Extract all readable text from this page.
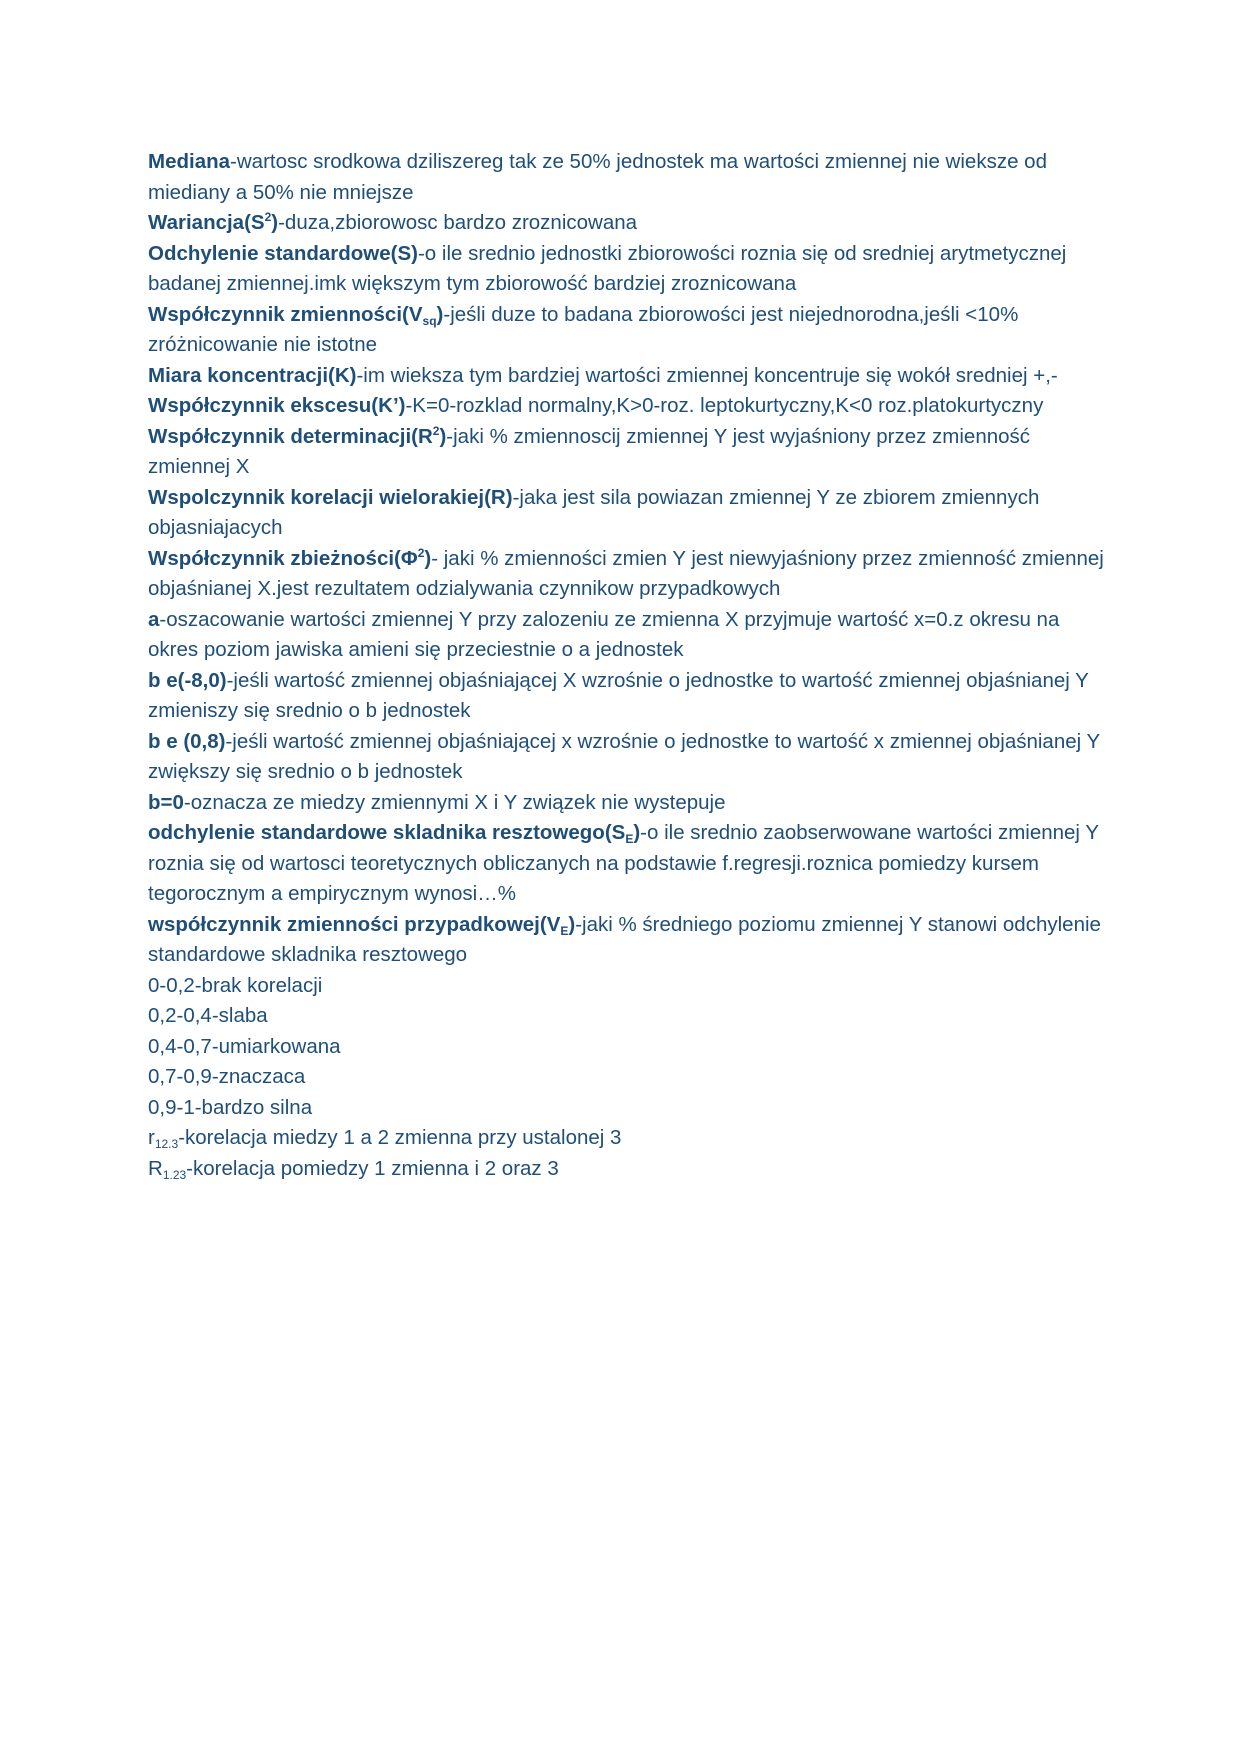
Mediana-wartosc srodkowa dziliszereg tak ze 50% jednostek ma wartości zmiennej nie wieksze od miediany a 50% nie mniejsze

$Wariancja(S^2)-duza,zbiorowosc$ bardzo zroznicowana

Odchylenie standardowe(S)-o ile srednio jednostki zbiorowości roznia się od sredniej arytmetycznej badanej zmiennej.imk większym tym zbiorowość bardziej zroznicowana

Współczynnik $zmienności(V_{sq})$-jeśli duze to badana zbiorowości jest niejednorodna,jeśli <10% zróżnicowanie nie istotne

Miara koncentracji(K)-im wieksza tym bardziej wartości zmiennej koncentruje się wokół sredniej +,-

Współczynnik ekscesu(K’)-K=0-rozklad normalny,K>0-roz. leptokurtyczny,K<0 roz.platokurtyczny

Współczynnik $determinacji(R^2)$-jaki % zmiennoscij zmiennej Y jest wyjaśniony przez zmienność zmiennej X

Wspolczynnik korelacji wielorakiej(R)-jaka jest sila powiazan zmiennej Y ze zbiorem zmiennych objasniajacych

Współczynnik $zbieżności(\Phi^2)-$ jaki % zmienności zmien Y jest niewyjaśniony przez zmienność zmiennej objaśnianej X.jest rezultatem odzialywania czynnikow przypadkowych

a-oszacowanie wartości zmiennej Y przy zalozeniu ze zmienna X przyjmuje wartość x=0.z okresu na okres poziom jawiska amieni się przeciestnie o a jednostek

b e(-8,0)-jeśli wartość zmiennej objaśniającej X wzrośnie o jednostke to wartość zmiennej objaśnianej Y zmieniszy się srednio o b jednostek

b e (0,8)-jeśli wartość zmiennej objaśniającej x wzrośnie o jednostke to wartość x zmiennej objaśnianej Y zwiększy się srednio o b jednostek

b=0-oznacza ze miedzy zmiennymi X i Y związek nie wystepuje

odchylenie standardowe skladnika $resztowego(S_E)-o$ ile srednio zaobserwowane wartości zmiennej Y roznia się od wartosci teoretycznych obliczanych na podstawie f.regresji.roznica pomiedzy kursem tegorocznym a empirycznym wynosi…%

współczynnik zmienności $przypadkowej(V_E)$-jaki % średniego poziomu zmiennej Y stanowi odchylenie standardowe skladnika resztowego

0-0,2-brak korelacji

0,2-0,4-slaba

0,4-0,7-umiarkowana

0,7-0,9-znaczaca

0,9-1-bardzo silna

$r_{12.3}$-korelacja miedzy 1 a 2 zmienna przy ustalonej 3

$R_{1.23}$-korelacja pomiedzy 1 zmienna i 2 oraz 3
